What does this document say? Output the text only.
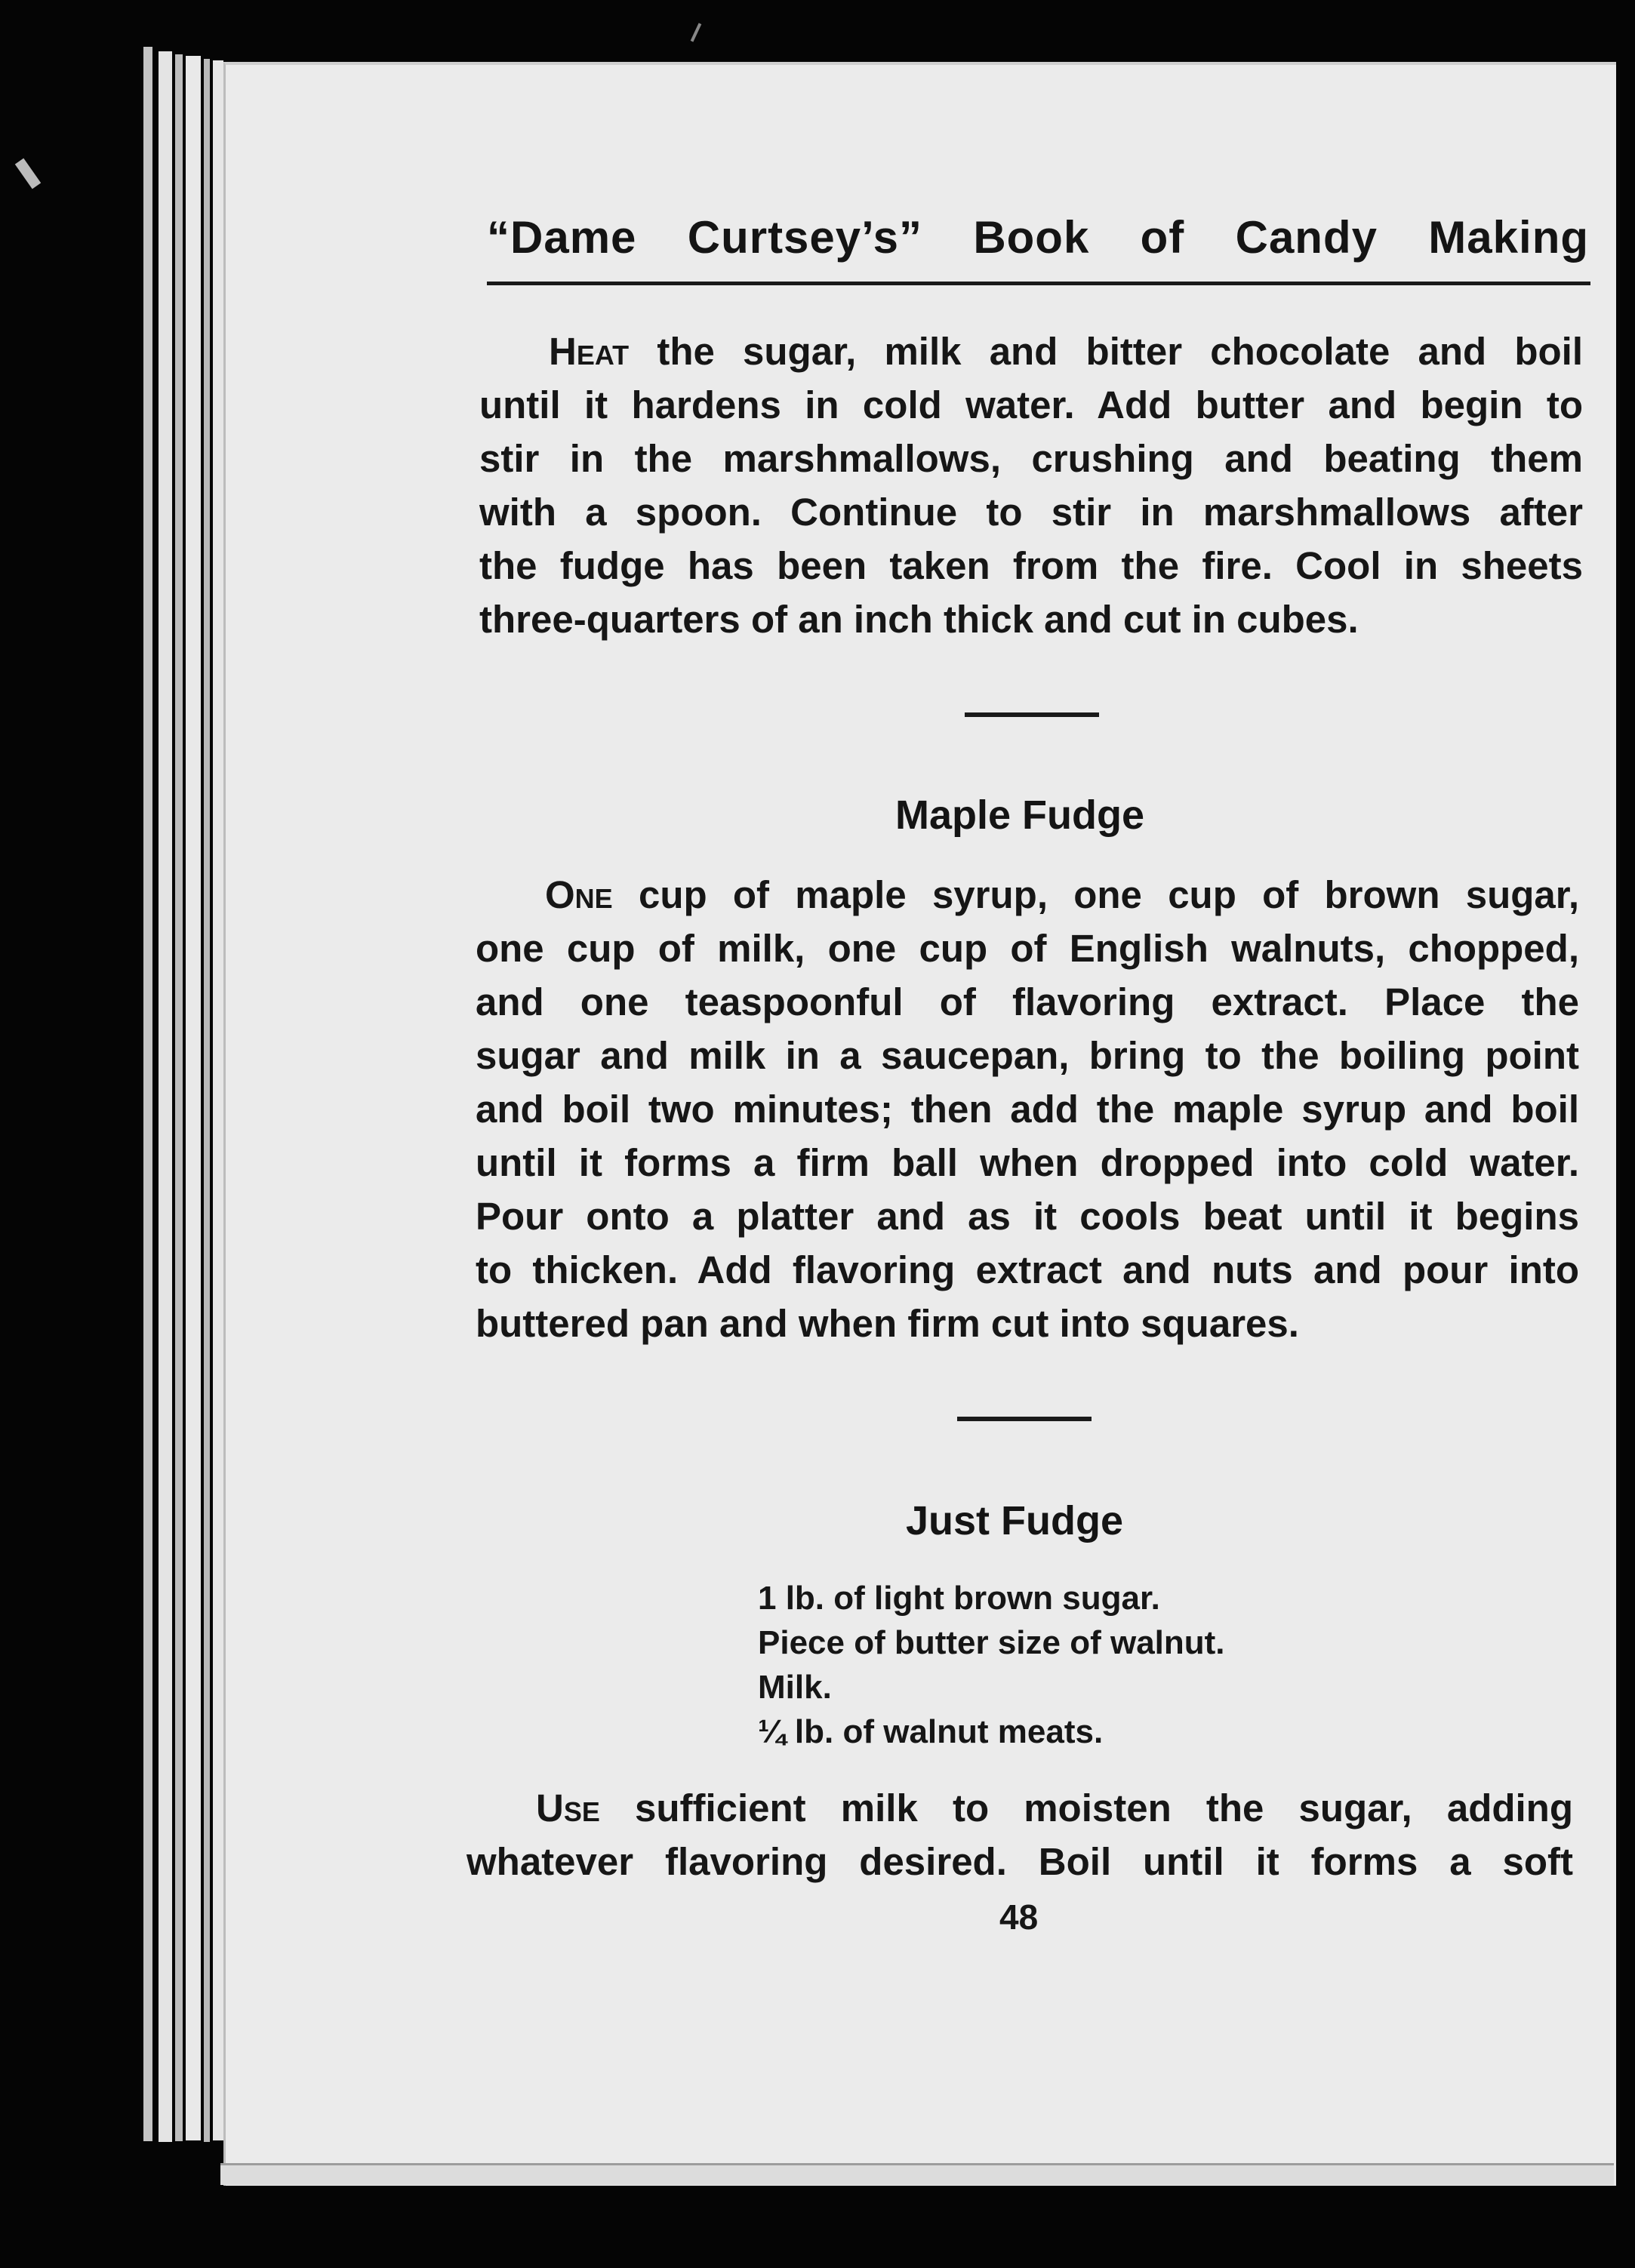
“Dame Curtsey’s” Book of Candy Making
Heat the sugar, milk and bitter chocolate and boil
until it hardens in cold water. Add butter and begin to
stir in the marshmallows, crushing and beating them
with a spoon. Continue to stir in marshmallows after
the fudge has been taken from the fire. Cool in sheets
three-quarters of an inch thick and cut in cubes.
Maple Fudge
One cup of maple syrup, one cup of brown sugar,
one cup of milk, one cup of English walnuts, chopped,
and one teaspoonful of flavoring extract. Place the
sugar and milk in a saucepan, bring to the boiling point
and boil two minutes; then add the maple syrup and boil
until it forms a firm ball when dropped into cold water.
Pour onto a platter and as it cools beat until it begins
to thicken. Add flavoring extract and nuts and pour into
buttered pan and when firm cut into squares.
Just Fudge
1 lb. of light brown sugar.
Piece of butter size of walnut.
Milk.
¼ lb. of walnut meats.
Use sufficient milk to moisten the sugar, adding
whatever flavoring desired. Boil until it forms a soft
48
